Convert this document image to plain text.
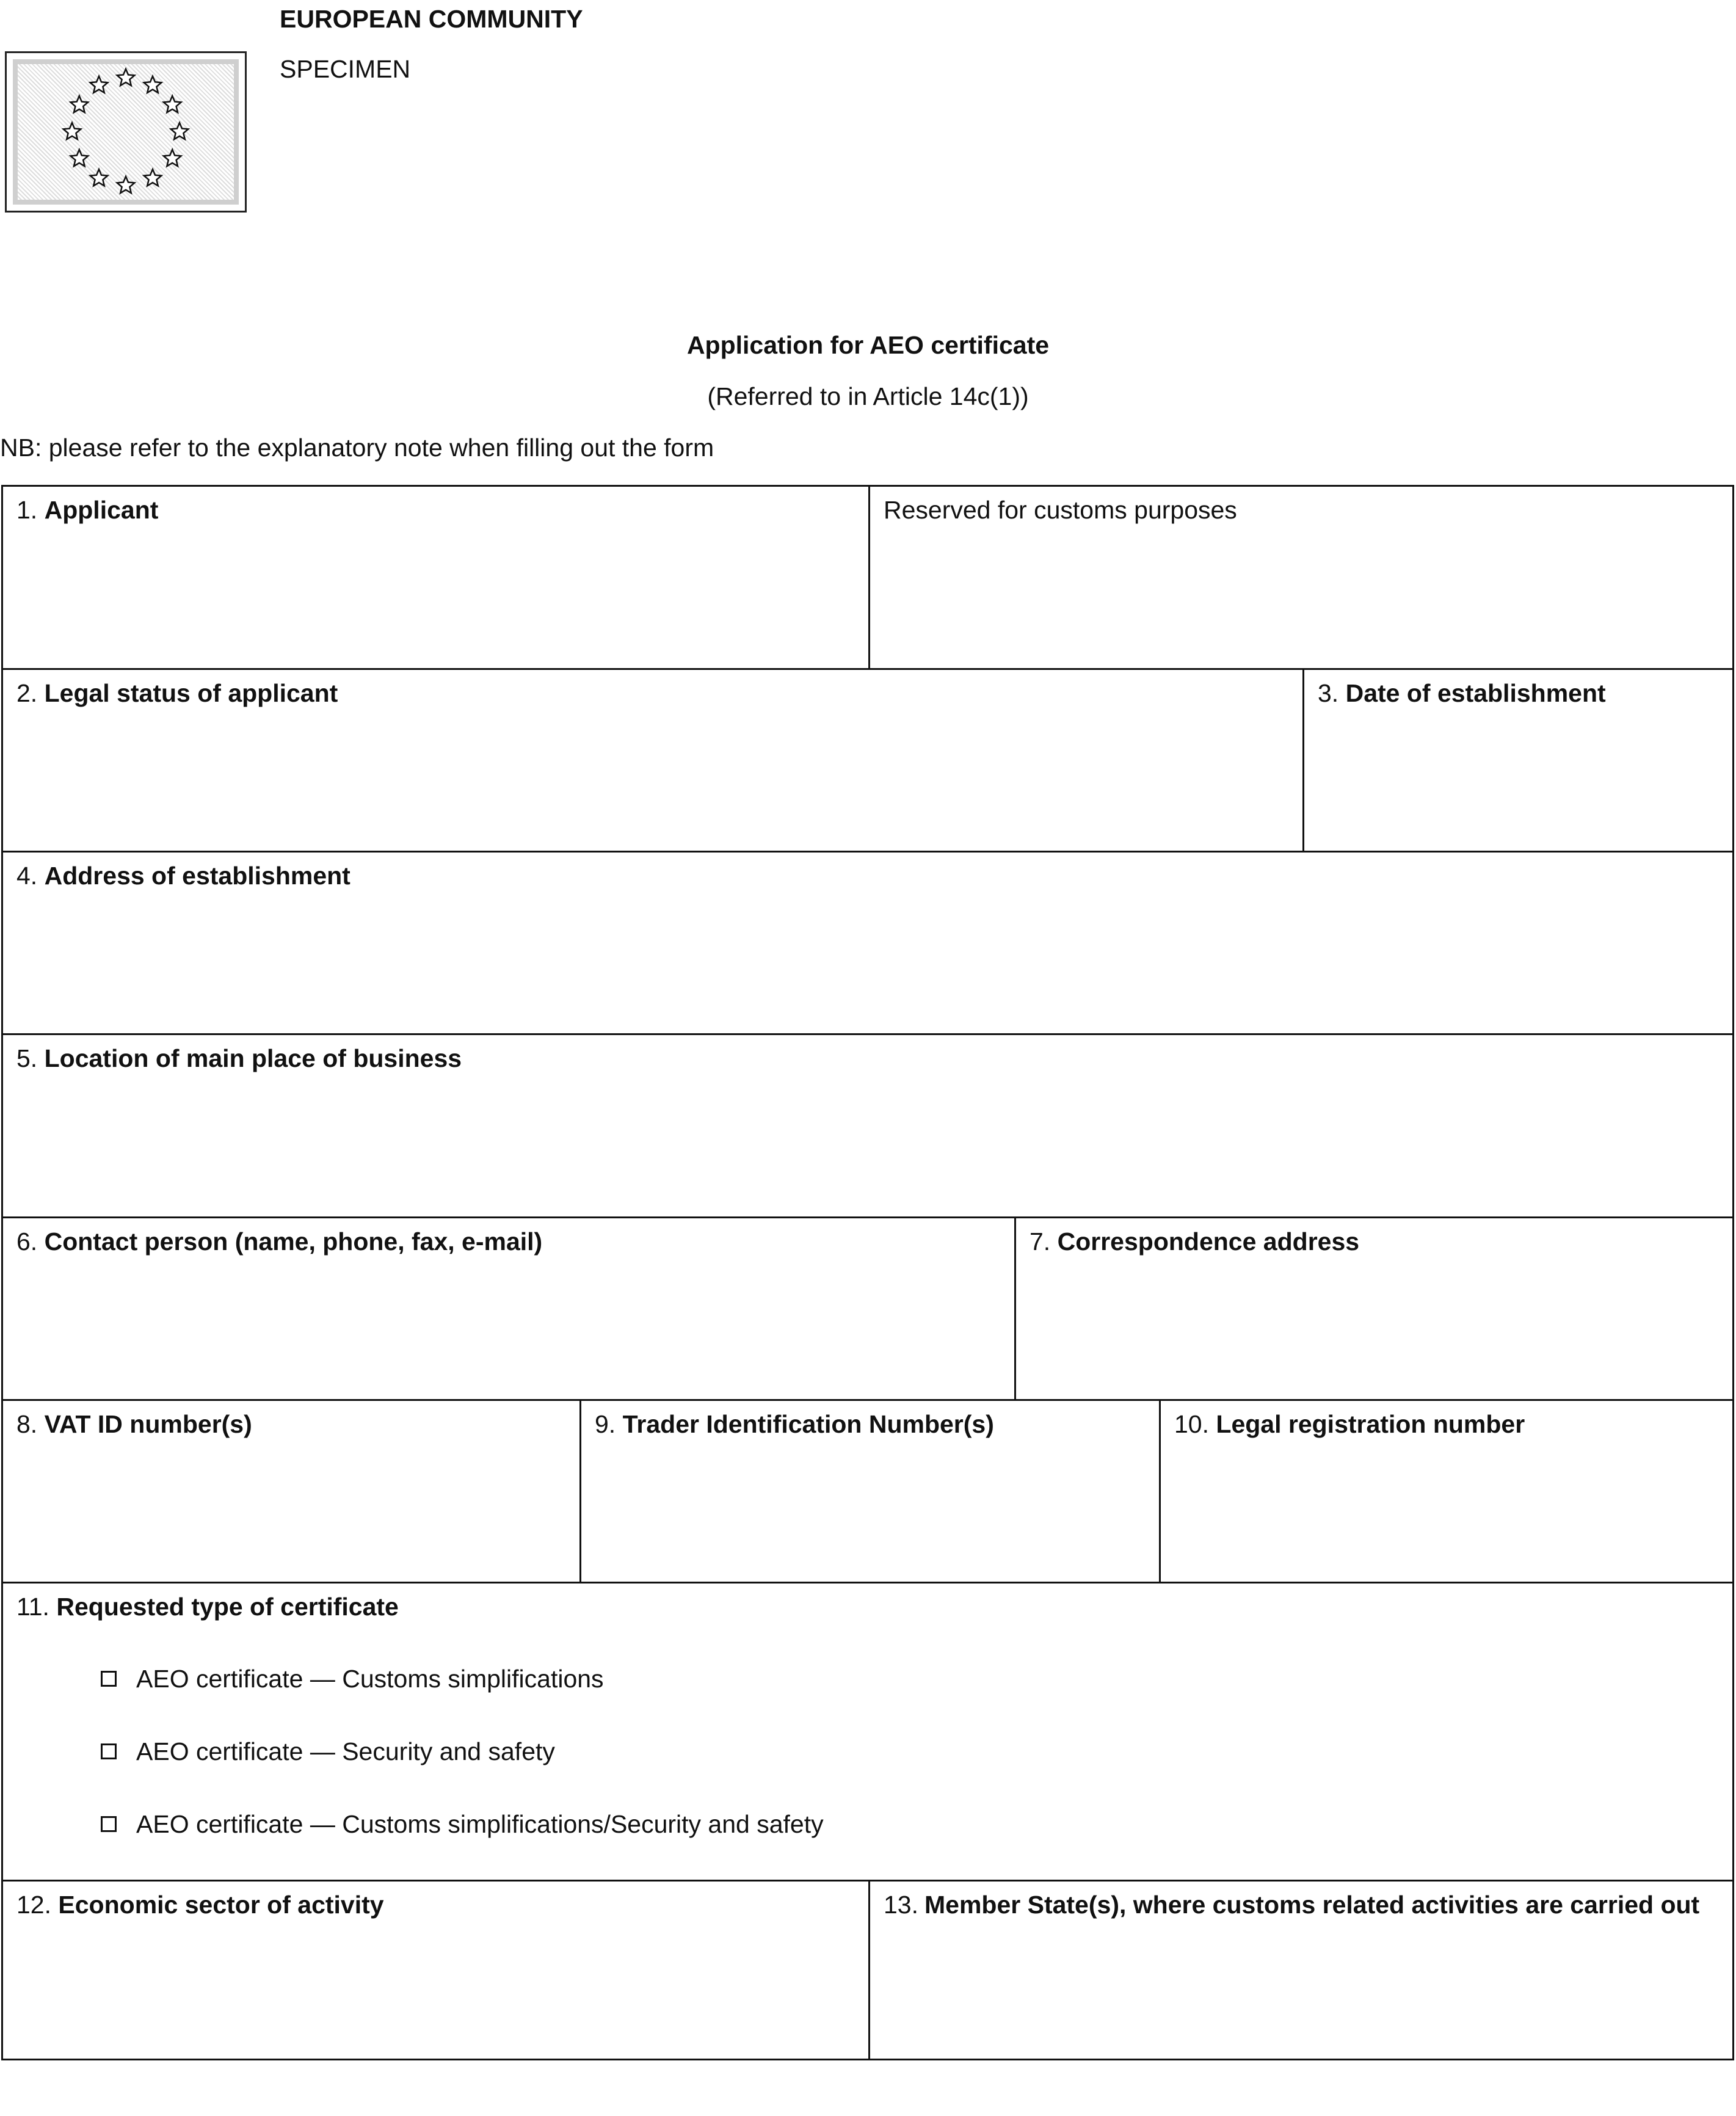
EUROPEAN COMMUNITY
SPECIMEN
Application for AEO certificate
(Referred to in Article 14c(1))
NB: please refer to the explanatory note when filling out the form
1. Applicant	Reserved for customs purposes
2. Legal status of applicant	3. Date of establishment
4. Address of establishment
5. Location of main place of business
6. Contact person (name, phone, fax, e-mail)	7. Correspondence address
8. VAT ID number(s)	9. Trader Identification Number(s)	10. Legal registration number
11. Requested type of certificate
AEO certificate — Customs simplifications
AEO certificate — Security and safety
AEO certificate — Customs simplifications/Security and safety
12. Economic sector of activity	13. Member State(s), where customs related activities are carried out
